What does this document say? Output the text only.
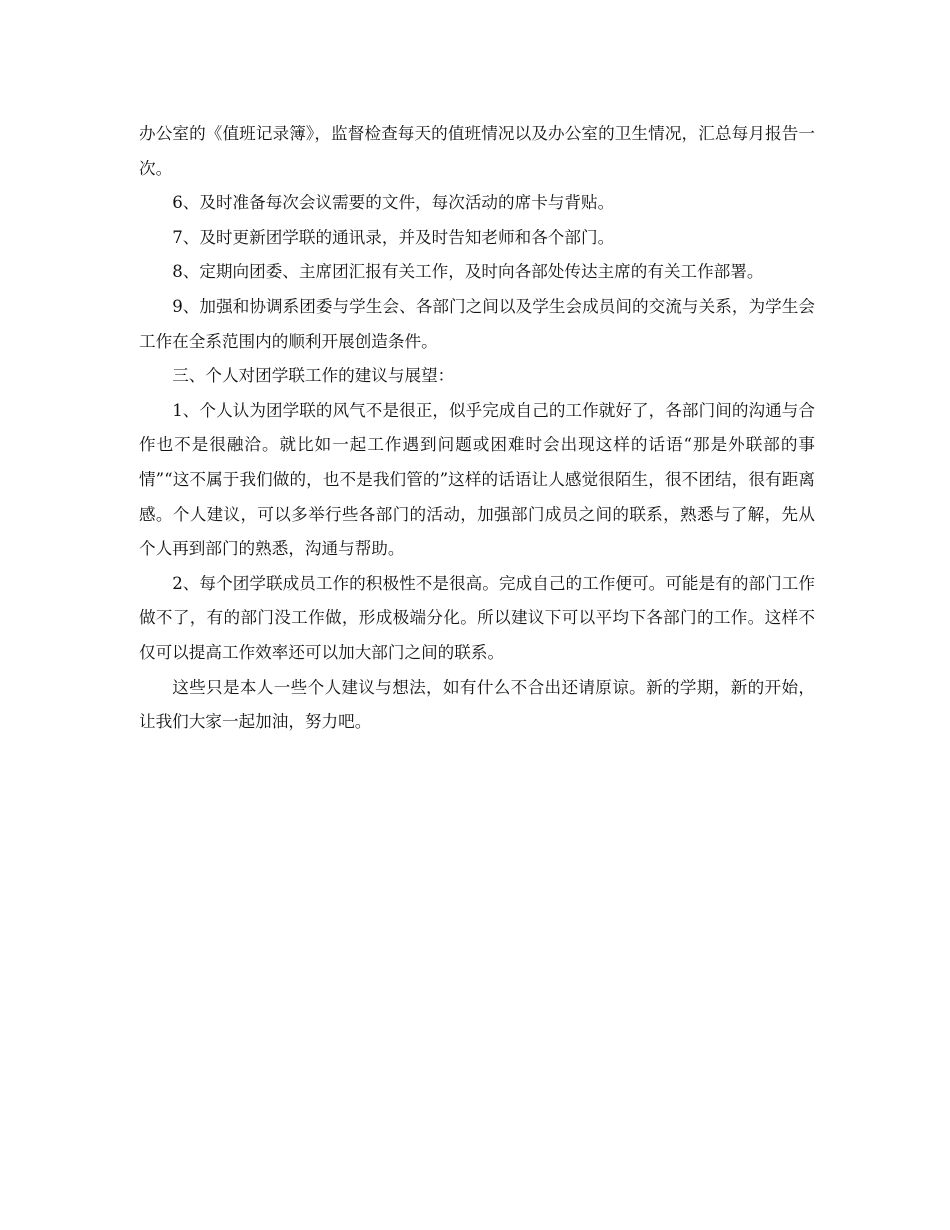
办公室的《值班记录簿》，监督检查每天的值班情况以及办公室的卫生情况，汇总每月报告一次。

6、及时准备每次会议需要的文件，每次活动的席卡与背贴。

7、及时更新团学联的通讯录，并及时告知老师和各个部门。

8、定期向团委、主席团汇报有关工作，及时向各部处传达主席的有关工作部署。

9、加强和协调系团委与学生会、各部门之间以及学生会成员间的交流与关系，为学生会工作在全系范围内的顺利开展创造条件。

三、个人对团学联工作的建议与展望：

1、个人认为团学联的风气不是很正，似乎完成自己的工作就好了，各部门间的沟通与合作也不是很融洽。就比如一起工作遇到问题或困难时会出现这样的话语“那是外联部的事情”“这不属于我们做的，也不是我们管的”这样的话语让人感觉很陌生，很不团结，很有距离感。个人建议，可以多举行些各部门的活动，加强部门成员之间的联系，熟悉与了解，先从个人再到部门的熟悉，沟通与帮助。

2、每个团学联成员工作的积极性不是很高。完成自己的工作便可。可能是有的部门工作做不了，有的部门没工作做，形成极端分化。所以建议下可以平均下各部门的工作。这样不仅可以提高工作效率还可以加大部门之间的联系。

这些只是本人一些个人建议与想法，如有什么不合出还请原谅。新的学期，新的开始，让我们大家一起加油，努力吧。
